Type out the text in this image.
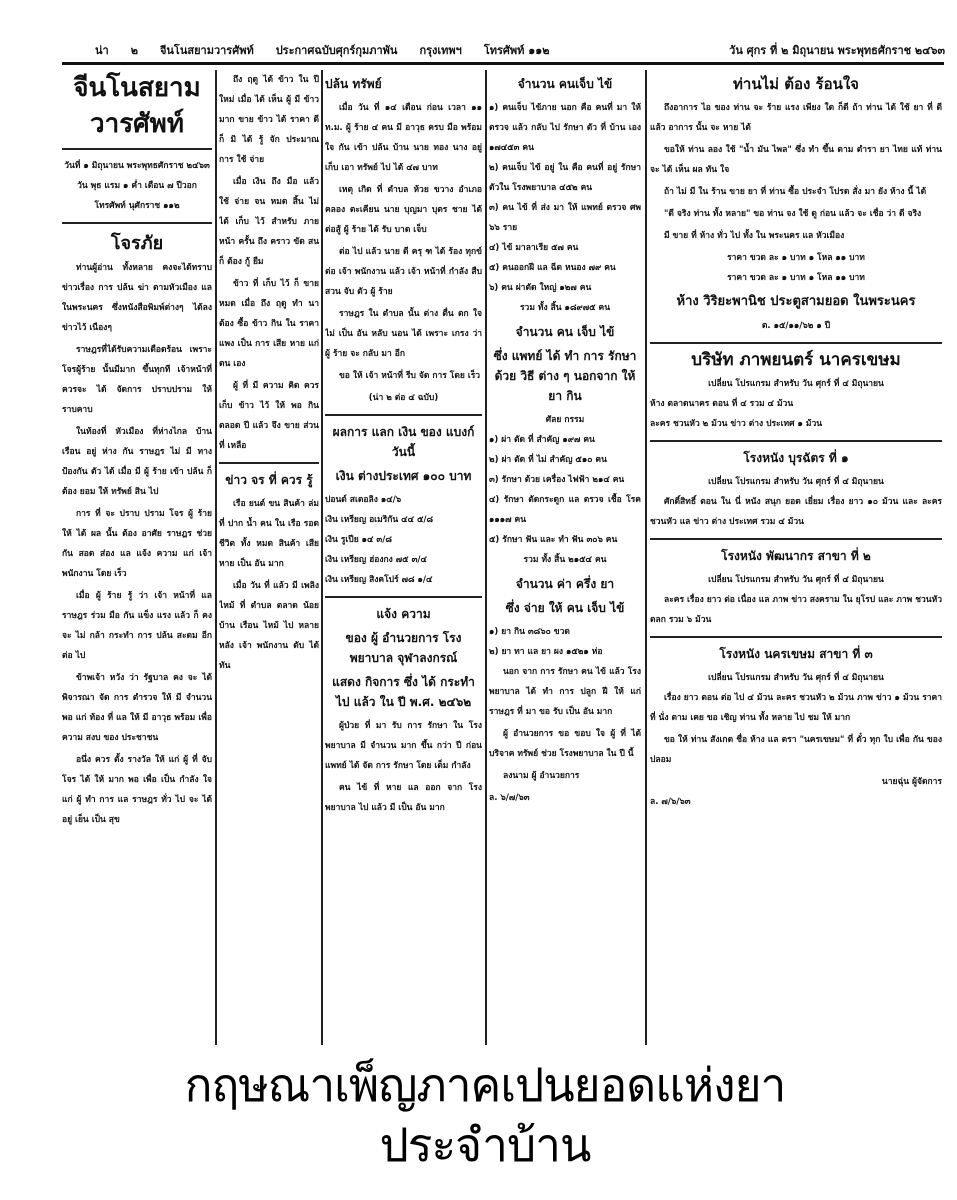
น่า ๒ จีนโนสยามวารศัพท์ ประกาศฉบับศุกร์กุมภาพัน กรุงเทพฯ โทรศัพท์ ๑๑๒	วัน ศุกร ที่ ๒ มิถุนายน พระพุทธศักราช ๒๔๖๓
จีนโนสยามวารศัพท์
วันที่ ๑ มิถุนายน พระพุทธศักราช ๒๔๖๓
วัน พุธ แรม ๑ ค่ำ เดือน ๗ ปีวอก
โทรศัพท์ นุศักราช ๑๑๒
โจรภัย

ท่านผู้อ่าน ทั้งหลาย คงจะได้ทราบ ข่าวเรื่อง การ ปล้น ฆ่า ตามหัวเมือง แลในพระนคร ซึ่งหนังสือพิมพ์ต่างๆ ได้ลง ข่าวไว้ เนืองๆ

ราษฎรที่ได้รับความเดือดร้อน เพราะโจรผู้ร้าย นั้นมีมาก ขึ้นทุกที เจ้าหน้าที่ ควรจะ ได้ จัดการ ปราบปราม ให้ ราบคาบ

ในท้องที่ หัวเมือง ที่ห่างไกล บ้าน เรือน อยู่ ห่าง กัน ราษฎร ไม่ มี ทาง ป้องกัน ตัว ได้ เมื่อ มี ผู้ ร้าย เข้า ปล้น ก็ ต้อง ยอม ให้ ทรัพย์ สิน ไป

การ ที่ จะ ปราบ ปราม โจร ผู้ ร้าย ให้ ได้ ผล นั้น ต้อง อาศัย ราษฎร ช่วย กัน สอด ส่อง แล แจ้ง ความ แก่ เจ้า พนักงาน โดย เร็ว

เมื่อ ผู้ ร้าย รู้ ว่า เจ้า หน้าที่ แล ราษฎร ร่วม มือ กัน แข็ง แรง แล้ว ก็ คง จะ ไม่ กล้า กระทำ การ ปล้น สะดม อีก ต่อ ไป

ข้าพเจ้า หวัง ว่า รัฐบาล คง จะ ได้ พิจารณา จัด การ ตำรวจ ให้ มี จำนวน พอ แก่ ท้อง ที่ แล ให้ มี อาวุธ พร้อม เพื่อ ความ สงบ ของ ประชาชน

อนึ่ง ควร ตั้ง รางวัล ให้ แก่ ผู้ ที่ จับ โจร ได้ ให้ มาก พอ เพื่อ เป็น กำลัง ใจ แก่ ผู้ ทำ การ แล ราษฎร ทั่ว ไป จะ ได้ อยู่ เย็น เป็น สุข

ถึง ฤดู ได้ ข้าว ใน ปี ใหม่ เมื่อ ได้ เห็น ผู้ มี ข้าว มาก ขาย ข้าว ได้ ราคา ดี ก็ มิ ได้ รู้ จัก ประมาณ การ ใช้ จ่าย

เมื่อ เงิน ถึง มือ แล้ว ใช้ จ่าย จน หมด สิ้น ไม่ ได้ เก็บ ไว้ สำหรับ ภาย หน้า ครั้น ถึง คราว ขัด สน ก็ ต้อง กู้ ยืม

ข้าว ที่ เก็บ ไว้ ก็ ขาย หมด เมื่อ ถึง ฤดู ทำ นา ต้อง ซื้อ ข้าว กิน ใน ราคา แพง เป็น การ เสีย หาย แก่ ตน เอง

ผู้ ที่ มี ความ คิด ควร เก็บ ข้าว ไว้ ให้ พอ กิน ตลอด ปี แล้ว จึง ขาย ส่วน ที่ เหลือ

ข่าว จร ที่ ควร รู้

เรือ ยนต์ ขน สินค้า ล่ม ที่ ปาก น้ำ คน ใน เรือ รอด ชีวิต ทั้ง หมด สินค้า เสีย หาย เป็น อัน มาก

เมื่อ วัน ที่ แล้ว มี เพลิง ไหม้ ที่ ตำบล ตลาด น้อย บ้าน เรือน ไหม้ ไป หลาย หลัง เจ้า พนักงาน ดับ ได้ ทัน

ปล้น ทรัพย์

เมื่อ วัน ที่ ๑๔ เดือน ก่อน เวลา ๑๑ ท.ม. ผู้ ร้าย ๔ คน มี อาวุธ ครบ มือ พร้อม ใจ กัน เข้า ปล้น บ้าน นาย ทอง นาง อยู่ เก็บ เอา ทรัพย์ ไป ได้ ๔๗ บาท

เหตุ เกิด ที่ ตำบล ห้วย ขวาง อำเภอ คลอง ตะเคียน นาย บุญมา บุตร ชาย ได้ ต่อสู้ ผู้ ร้าย ได้ รับ บาด เจ็บ

ต่อ ไป แล้ว นาย ดี ครุ ฑ ได้ ร้อง ทุกข์ ต่อ เจ้า พนักงาน แล้ว เจ้า หน้าที่ กำลัง สืบ สวน จับ ตัว ผู้ ร้าย

ราษฎร ใน ตำบล นั้น ต่าง ตื่น ตก ใจ ไม่ เป็น อัน หลับ นอน ได้ เพราะ เกรง ว่า ผู้ ร้าย จะ กลับ มา อีก

ขอ ให้ เจ้า หน้าที่ รีบ จัด การ โดย เร็ว

(น่า ๒ ต่อ ๔ ฉบับ)
ผลการ แลก เงิน ของ แบงก์ วันนี้
เงิน ต่างประเทศ ๑๐๐ บาท
ปอนด์ สเตอลิง ๑๔/๖
เงิน เหรียญ อเมริกัน ๔๔ ๕/๘
เงิน รูเปีย ๑๔ ๓/๘
เงิน เหรียญ ฮ่องกง ๗๕ ๓/๔
เงิน เหรียญ สิงคโปร์ ๗๘ ๑/๔
แจ้ง ความ
ของ ผู้ อำนวยการ โรงพยาบาล จุฬาลงกรณ์
แสดง กิจการ ซึ่ง ได้ กระทำ ไป แล้ว ใน ปี พ.ศ. ๒๔๖๒

ผู้ป่วย ที่ มา รับ การ รักษา ใน โรงพยาบาล มี จำนวน มาก ขึ้น กว่า ปี ก่อน แพทย์ ได้ จัด การ รักษา โดย เต็ม กำลัง

คน ไข้ ที่ หาย แล ออก จาก โรงพยาบาล ไป แล้ว มี เป็น อัน มาก

จำนวน คนเจ็บ ไข้
๑) คนเจ็บ ไข้ภาย นอก คือ คนที่ มา ให้ ตรวจ แล้ว กลับ ไป รักษา ตัว ที่ บ้าน เอง ๑๗๔๕๓ คน
๒) คนเจ็บ ไข้ อยู่ ใน คือ คนที่ อยู่ รักษา ตัวใน โรงพยาบาล ๔๕๒ คน
๓) คน ไข้ ที่ ส่ง มา ให้ แพทย์ ตรวจ ศพ ๖๖ ราย
๔) ไข้ มาลาเรีย ๕๗ คน
๕) คนออกฝี แล ฉีด หนอง ๗๙ คน
๖) คน ผ่าตัด ใหญ่ ๑๒๗ คน
รวม ทั้ง สิ้น ๑๘๙๗๕ คน
จำนวน คน เจ็บ ไข้
ซึ่ง แพทย์ ได้ ทำ การ รักษา ด้วย วิธี ต่าง ๆ นอกจาก ให้ ยา กิน
ศัลย กรรม
๑) ผ่า ตัด ที่ สำคัญ ๑๙๗ คน
๒) ผ่า ตัด ที่ ไม่ สำคัญ ๕๑๐ คน
๓) รักษา ด้วย เครื่อง ไฟฟ้า ๒๑๔ คน
๔) รักษา ตัดกระดูก แล ตรวจ เชื้อ โรค ๑๑๑๗ คน
๕) รักษา ฟัน และ ทำ ฟัน ๓๐๖ คน
รวม ทั้ง สิ้น ๒๑๕๔ คน
จำนวน ค่า ครึ่ง ยา
ซึ่ง จ่าย ให้ คน เจ็บ ไข้
๑) ยา กิน ๓๘๖๐ ขวด
๒) ยา ทา แล ยา ผง ๑๕๒๑ ห่อ

นอก จาก การ รักษา คน ไข้ แล้ว โรงพยาบาล ได้ ทำ การ ปลูก ฝี ให้ แก่ ราษฎร ที่ มา ขอ รับ เป็น อัน มาก

ผู้ อำนวยการ ขอ ขอบ ใจ ผู้ ที่ ได้ บริจาค ทรัพย์ ช่วย โรงพยาบาล ใน ปี นี้

ลงนาม ผู้ อำนวยการ

ล. ๖/๗/๖๓
ท่านไม่ ต้อง ร้อนใจ

ถึงอาการ ไอ ของ ท่าน จะ ร้าย แรง เพียง ใด ก็ดี ถ้า ท่าน ได้ ใช้ ยา ที่ ดี แล้ว อาการ นั้น จะ หาย ได้

ขอให้ ท่าน ลอง ใช้ "น้ำ มัน ไพล" ซึ่ง ทำ ขึ้น ตาม ตำรา ยา ไทย แท้ ท่าน จะ ได้ เห็น ผล ทัน ใจ

ถ้า ไม่ มี ใน ร้าน ขาย ยา ที่ ท่าน ซื้อ ประจำ โปรด สั่ง มา ยัง ห้าง นี้ ได้

"ดี จริง ท่าน ทั้ง หลาย" ขอ ท่าน จง ใช้ ดู ก่อน แล้ว จะ เชื่อ ว่า ดี จริง

มี ขาย ที่ ห้าง ทั่ว ไป ทั้ง ใน พระนคร แล หัวเมือง

ราคา ขวด ละ ๑ บาท ๑ โหล ๑๑ บาท
ราคา ขวด ละ ๑ บาท ๑ โหล ๑๑ บาท
ห้าง วิริยะพานิช ประตูสามยอด ในพระนคร
ต. ๑๕/๑๑/๖๒ ๑ ปี
บริษัท ภาพยนตร์ นาครเขษม
เปลี่ยน โปรแกรม สำหรับ วัน ศุกร์ ที่ ๔ มิถุนายน
ห้าง ตลาดนาคร ตอน ที่ ๔ รวม ๔ ม้วน
ละคร ชวนหัว ๒ ม้วน ข่าว ต่าง ประเทศ ๑ ม้วน
โรงหนัง บุรฉัตร ที่ ๑
เปลี่ยน โปรแกรม สำหรับ วัน ศุกร์ ที่ ๔ มิถุนายน

ศักดิ์สิทธิ์ ตอน ใน นี่ หนัง สนุก ยอด เยี่ยม เรื่อง ยาว ๑๐ ม้วน และ ละคร ชวนหัว แล ข่าว ต่าง ประเทศ รวม ๔ ม้วน

โรงหนัง พัฒนากร สาขา ที่ ๒
เปลี่ยน โปรแกรม สำหรับ วัน ศุกร์ ที่ ๔ มิถุนายน

ละคร เรื่อง ยาว ต่อ เนื่อง แล ภาพ ข่าว สงคราม ใน ยุโรป และ ภาพ ชวนหัว ตลก รวม ๖ ม้วน

โรงหนัง นครเขษม สาขา ที่ ๓
เปลี่ยน โปรแกรม สำหรับ วัน ศุกร์ ที่ ๔ มิถุนายน

เรื่อง ยาว ตอน ต่อ ไป ๔ ม้วน ละคร ชวนหัว ๒ ม้วน ภาพ ข่าว ๑ ม้วน ราคา ที่ นั่ง ตาม เคย ขอ เชิญ ท่าน ทั้ง หลาย ไป ชม ให้ มาก

ขอ ให้ ท่าน สังเกต ชื่อ ห้าง แล ตรา "นครเขษม" ที่ ตั๋ว ทุก ใบ เพื่อ กัน ของ ปลอม

นายฉุ่น ผู้จัดการ
ล. ๗/๖/๖๓
กฤษณาเพ็ญภาคเปนยอดแห่งยาประจำบ้าน
